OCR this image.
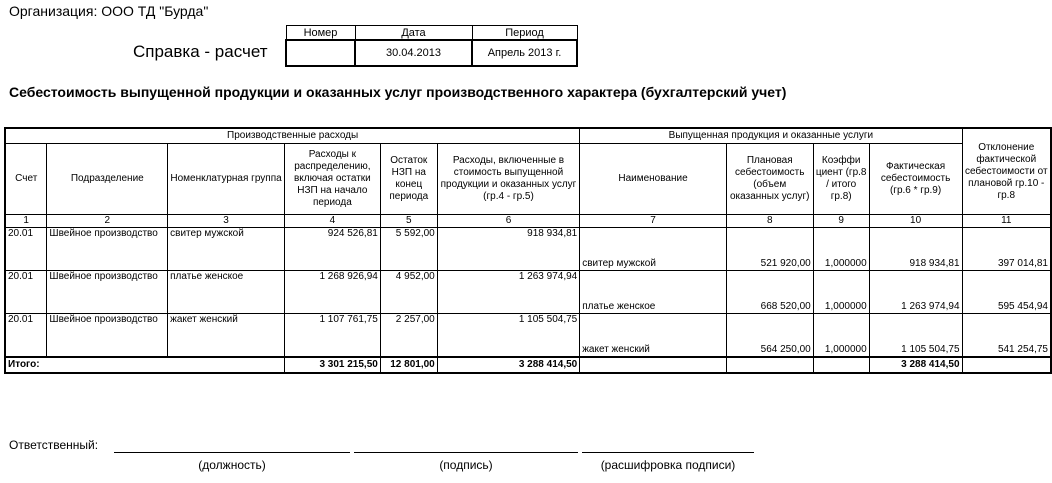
Организация: ООО ТД "Бурда"
Справка - расчет
Номер	Дата	Период
	30.04.2013	Апрель 2013 г.
Себестоимость выпущенной продукции и оказанных услуг производственного характера (бухгалтерский учет)
Производственные расходы						Выпущенная продукция и оказанные услуги				Отклонение фактической себестоимости от плановой гр.10 - гр.8
Счет	Подразделение	Номенклатурная группа	Расходы к распределению, включая остатки НЗП на начало периода	Остаток НЗП на конец периода	Расходы, включенные в стоимость выпущенной продукции и оказанных услуг (гр.4 - гр.5)	Наименование	Плановая себестоимость (объем оказанных услуг)	Коэффи циент (гр.8 / итого гр.8)	Фактическая себестоимость (гр.6 * гр.9)	
1	2	3	4	5	6	7	8	9	10	11
20.01	Швейное производство	свитер мужской	924 526,81	5 592,00	918 934,81	свитер мужской	521 920,00	1,000000	918 934,81	397 014,81
20.01	Швейное производство	платье женское	1 268 926,94	4 952,00	1 263 974,94	платье женское	668 520,00	1,000000	1 263 974,94	595 454,94
20.01	Швейное производство	жакет женский	1 107 761,75	2 257,00	1 105 504,75	жакет женский	564 250,00	1,000000	1 105 504,75	541 254,75
Итого:			3 301 215,50	12 801,00	3 288 414,50				3 288 414,50	
Ответственный:
(должность)	(подпись)	(расшифровка подписи)
